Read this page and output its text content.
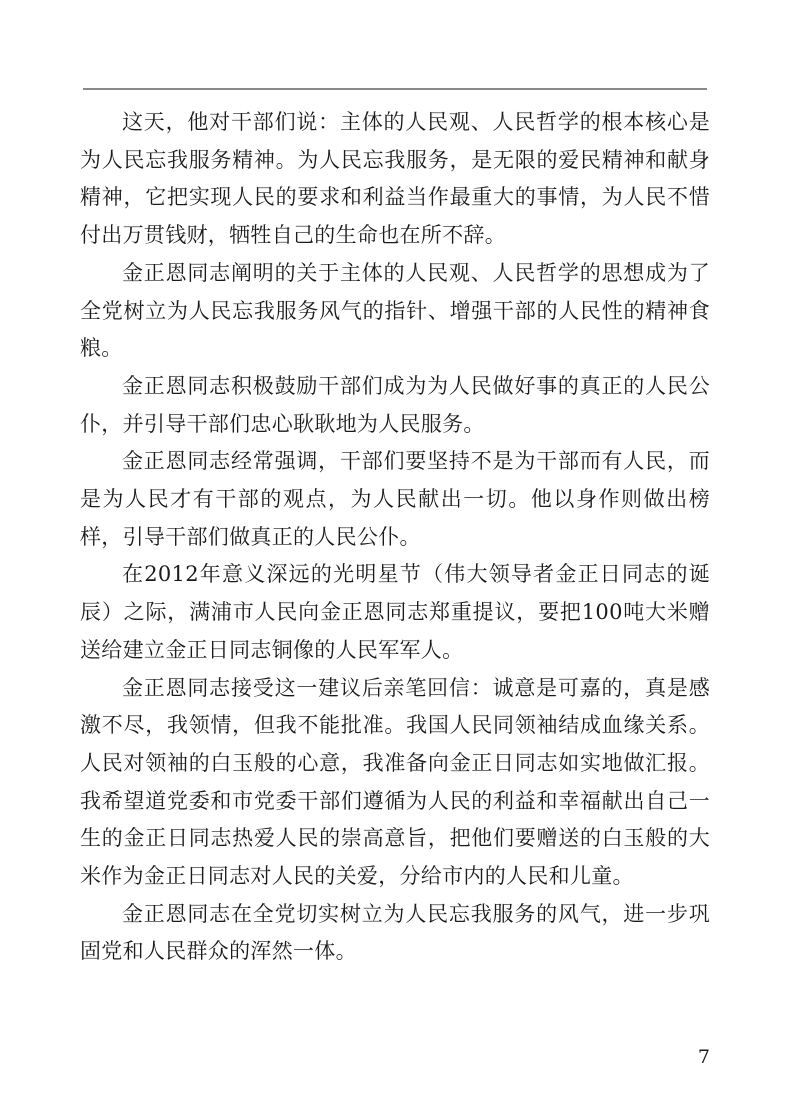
这天，他对干部们说：主体的人民观、人民哲学的根本核心是为人民忘我服务精神。为人民忘我服务，是无限的爱民精神和献身精神，它把实现人民的要求和利益当作最重大的事情，为人民不惜付出万贯钱财，牺牲自己的生命也在所不辞。

金正恩同志阐明的关于主体的人民观、人民哲学的思想成为了全党树立为人民忘我服务风气的指针、增强干部的人民性的精神食粮。

金正恩同志积极鼓励干部们成为为人民做好事的真正的人民公仆，并引导干部们忠心耿耿地为人民服务。

金正恩同志经常强调，干部们要坚持不是为干部而有人民，而是为人民才有干部的观点，为人民献出一切。他以身作则做出榜样，引导干部们做真正的人民公仆。

在2012年意义深远的光明星节（伟大领导者金正日同志的诞辰）之际，满浦市人民向金正恩同志郑重提议，要把100吨大米赠送给建立金正日同志铜像的人民军军人。

金正恩同志接受这一建议后亲笔回信：诚意是可嘉的，真是感激不尽，我领情，但我不能批准。我国人民同领袖结成血缘关系。人民对领袖的白玉般的心意，我准备向金正日同志如实地做汇报。我希望道党委和市党委干部们遵循为人民的利益和幸福献出自己一生的金正日同志热爱人民的崇高意旨，把他们要赠送的白玉般的大米作为金正日同志对人民的关爱，分给市内的人民和儿童。

金正恩同志在全党切实树立为人民忘我服务的风气，进一步巩固党和人民群众的浑然一体。

7
